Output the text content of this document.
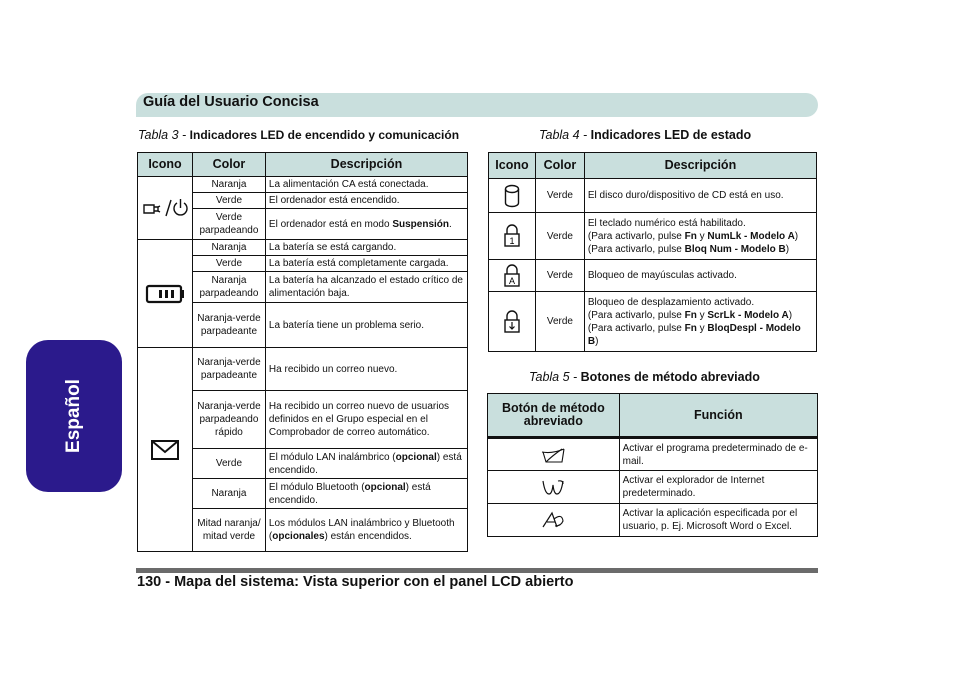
Guía del Usuario Concisa
Español
Tabla 3 - Indicadores LED de encendido y comunicación
Icono	Color	Descripción

	Naranja	La alimentación CA está conectada.
	Verde	El ordenador está encendido.
	Verde parpadeando	El ordenador está en modo Suspensión.

	Naranja	La batería se está cargando.
	Verde	La batería está completamente cargada.
	Naranja parpadeando	La batería ha alcanzado el estado crítico de alimentación baja.
	Naranja-verde parpadeante	La batería tiene un problema serio.

	Naranja-verde parpadeante	Ha recibido un correo nuevo.
	Naranja-verde parpadeando rápido	Ha recibido un correo nuevo de usuarios definidos en el Grupo especial en el Comprobador de correo automático.
	Verde	El módulo LAN inalámbrico (opcional) está encendido.
	Naranja	El módulo Bluetooth (opcional) está encendido.
	Mitad naranja/ mitad verde	Los módulos LAN inalámbrico y Bluetooth (opcionales) están encendidos.
Tabla 4 - Indicadores LED de estado
Icono	Color	Descripción

	Verde	El disco duro/dispositivo de CD está en uso.

1	Verde	El teclado numérico está habilitado.
(Para activarlo, pulse Fn y NumLk - Modelo A)
(Para activarlo, pulse Bloq Num - Modelo B)

A	Verde	Bloqueo de mayúsculas activado.

	Verde	Bloqueo de desplazamiento activado.
(Para activarlo, pulse Fn y ScrLk - Modelo A)
(Para activarlo, pulse Fn y BloqDespl - Modelo B)
Tabla 5 - Botones de método abreviado
Botón de método abreviado	Función

	Activar el programa predeterminado de e-mail.

	Activar el explorador de Internet predeterminado.

	Activar la aplicación especificada por el usuario, p. Ej. Microsoft Word o Excel.
130 - Mapa del sistema: Vista superior con el panel LCD abierto
